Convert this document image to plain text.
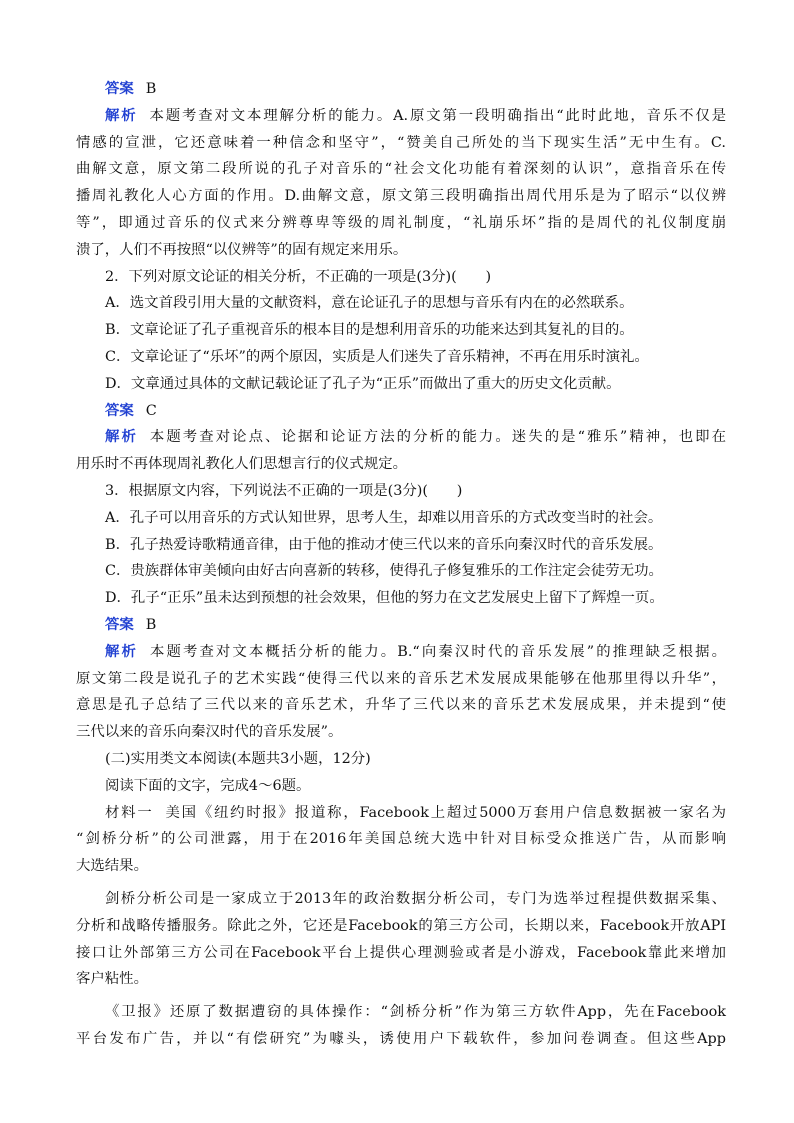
答案 B
解析 本题考查对文本理解分析的能力。A.原文第一段明确指出“此时此地，音乐不仅是
情感的宣泄，它还意味着一种信念和坚守”，“赞美自己所处的当下现实生活”无中生有。C.
曲解文意，原文第二段所说的孔子对音乐的“社会文化功能有着深刻的认识”，意指音乐在传
播周礼教化人心方面的作用。D.曲解文意，原文第三段明确指出周代用乐是为了昭示“以仪辨
等”，即通过音乐的仪式来分辨尊卑等级的周礼制度，“礼崩乐坏”指的是周代的礼仪制度崩
溃了，人们不再按照“以仪辨等”的固有规定来用乐。
2．下列对原文论证的相关分析，不正确的一项是(3分)(　　)
A．选文首段引用大量的文献资料，意在论证孔子的思想与音乐有内在的必然联系。
B．文章论证了孔子重视音乐的根本目的是想利用音乐的功能来达到其复礼的目的。
C．文章论证了“乐坏”的两个原因，实质是人们迷失了音乐精神，不再在用乐时演礼。
D．文章通过具体的文献记载论证了孔子为“正乐”而做出了重大的历史文化贡献。
答案 C
解析 本题考查对论点、论据和论证方法的分析的能力。迷失的是“雅乐”精神，也即在
用乐时不再体现周礼教化人们思想言行的仪式规定。
3．根据原文内容，下列说法不正确的一项是(3分)(　　)
A．孔子可以用音乐的方式认知世界，思考人生，却难以用音乐的方式改变当时的社会。
B．孔子热爱诗歌精通音律，由于他的推动才使三代以来的音乐向秦汉时代的音乐发展。
C．贵族群体审美倾向由好古向喜新的转移，使得孔子修复雅乐的工作注定会徒劳无功。
D．孔子“正乐”虽未达到预想的社会效果，但他的努力在文艺发展史上留下了辉煌一页。
答案 B
解析 本题考查对文本概括分析的能力。B.“向秦汉时代的音乐发展”的推理缺乏根据。
原文第二段是说孔子的艺术实践“使得三代以来的音乐艺术发展成果能够在他那里得以升华”，
意思是孔子总结了三代以来的音乐艺术，升华了三代以来的音乐艺术发展成果，并未提到“使
三代以来的音乐向秦汉时代的音乐发展”。
(二)实用类文本阅读(本题共3小题，12分)
阅读下面的文字，完成4～6题。
材料一 美国《纽约时报》报道称，Facebook上超过5000万套用户信息数据被一家名为
“剑桥分析”的公司泄露，用于在2016年美国总统大选中针对目标受众推送广告，从而影响
大选结果。
剑桥分析公司是一家成立于2013年的政治数据分析公司，专门为选举过程提供数据采集、
分析和战略传播服务。除此之外，它还是Facebook的第三方公司，长期以来，Facebook开放API
接口让外部第三方公司在Facebook平台上提供心理测验或者是小游戏，Facebook靠此来增加
客户粘性。
《卫报》还原了数据遭窃的具体操作：“剑桥分析”作为第三方软件App，先在Facebook
平台发布广告，并以“有偿研究”为噱头，诱使用户下载软件，参加问卷调查。但这些App
